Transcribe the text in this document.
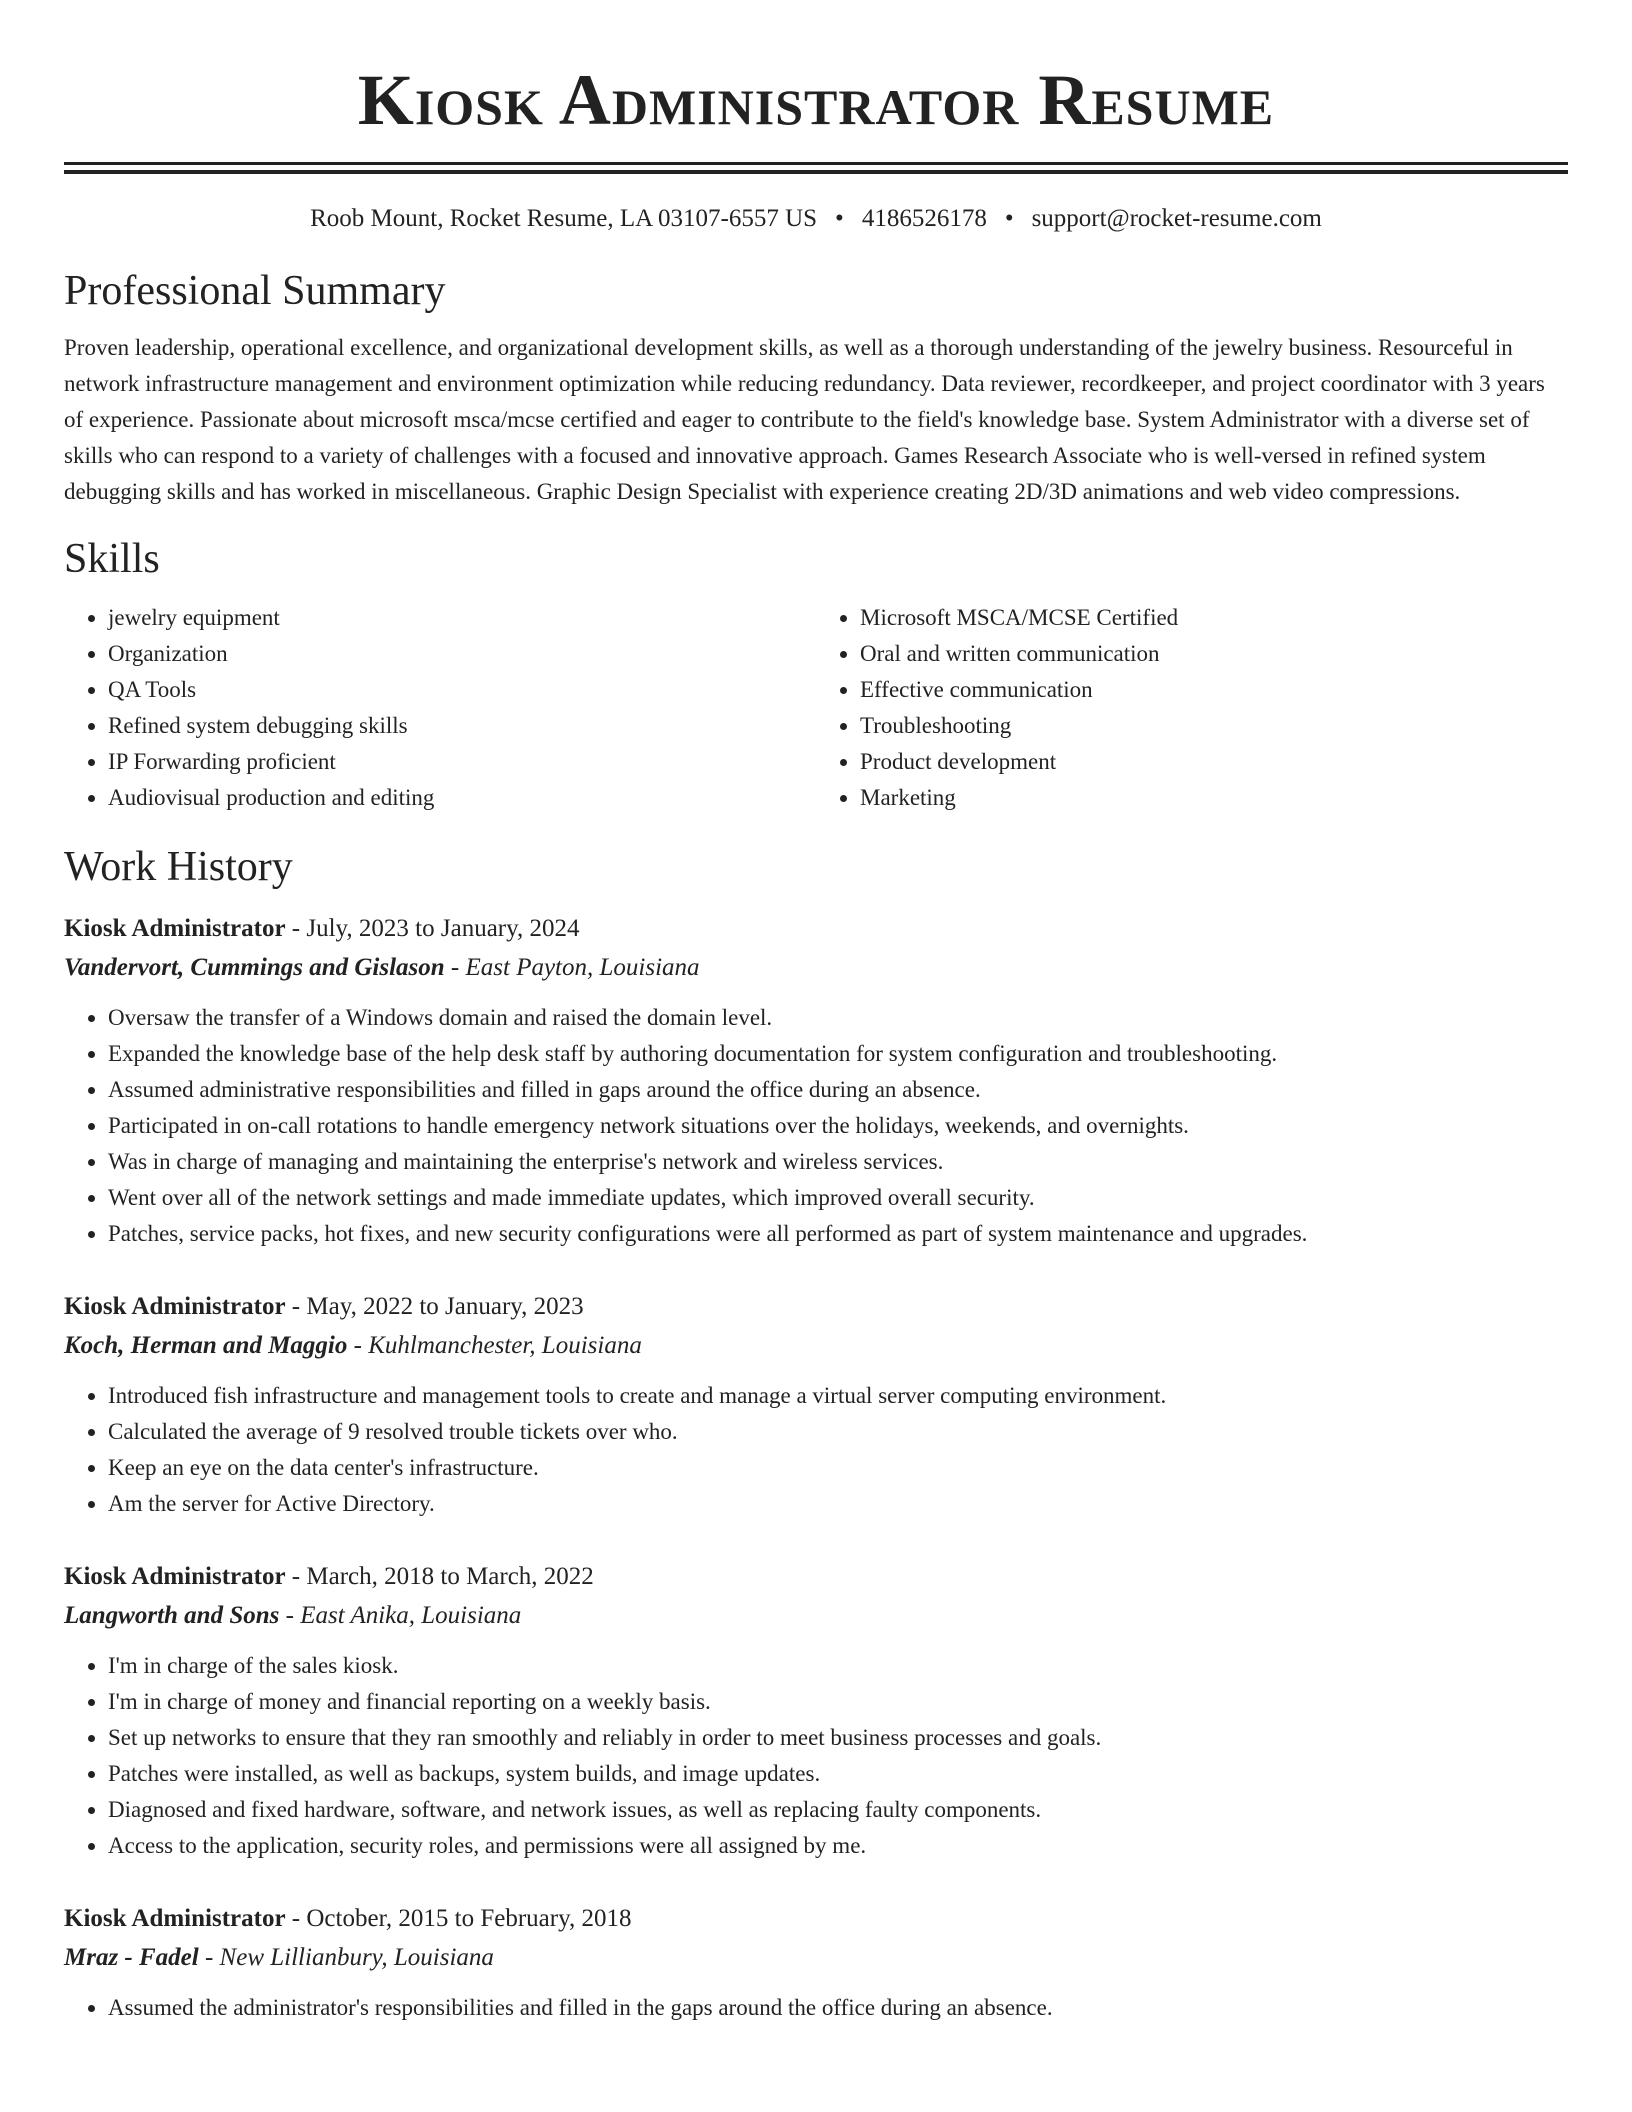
Kiosk Administrator Resume
Roob Mount, Rocket Resume, LA 03107-6557 US • 4186526178 • support@rocket-resume.com
Professional Summary

Proven leadership, operational excellence, and organizational development skills, as well as a thorough understanding of the jewelry business. Resourceful in network infrastructure management and environment optimization while reducing redundancy. Data reviewer, recordkeeper, and project coordinator with 3 years of experience. Passionate about microsoft msca/mcse certified and eager to contribute to the field's knowledge base. System Administrator with a diverse set of skills who can respond to a variety of challenges with a focused and innovative approach. Games Research Associate who is well-versed in refined system debugging skills and has worked in miscellaneous. Graphic Design Specialist with experience creating 2D/3D animations and web video compressions.

Skills
• jewelry equipment
• Organization
• QA Tools
• Refined system debugging skills
• IP Forwarding proficient
• Audiovisual production and editing
• Microsoft MSCA/MCSE Certified
• Oral and written communication
• Effective communication
• Troubleshooting
• Product development
• Marketing
Work History
Kiosk Administrator - July, 2023 to January, 2024
Vandervort, Cummings and Gislason - East Payton, Louisiana
• Oversaw the transfer of a Windows domain and raised the domain level.
• Expanded the knowledge base of the help desk staff by authoring documentation for system configuration and troubleshooting.
• Assumed administrative responsibilities and filled in gaps around the office during an absence.
• Participated in on-call rotations to handle emergency network situations over the holidays, weekends, and overnights.
• Was in charge of managing and maintaining the enterprise's network and wireless services.
• Went over all of the network settings and made immediate updates, which improved overall security.
• Patches, service packs, hot fixes, and new security configurations were all performed as part of system maintenance and upgrades.
Kiosk Administrator - May, 2022 to January, 2023
Koch, Herman and Maggio - Kuhlmanchester, Louisiana
• Introduced fish infrastructure and management tools to create and manage a virtual server computing environment.
• Calculated the average of 9 resolved trouble tickets over who.
• Keep an eye on the data center's infrastructure.
• Am the server for Active Directory.
Kiosk Administrator - March, 2018 to March, 2022
Langworth and Sons - East Anika, Louisiana
• I'm in charge of the sales kiosk.
• I'm in charge of money and financial reporting on a weekly basis.
• Set up networks to ensure that they ran smoothly and reliably in order to meet business processes and goals.
• Patches were installed, as well as backups, system builds, and image updates.
• Diagnosed and fixed hardware, software, and network issues, as well as replacing faulty components.
• Access to the application, security roles, and permissions were all assigned by me.
Kiosk Administrator - October, 2015 to February, 2018
Mraz - Fadel - New Lillianbury, Louisiana
• Assumed the administrator's responsibilities and filled in the gaps around the office during an absence.
